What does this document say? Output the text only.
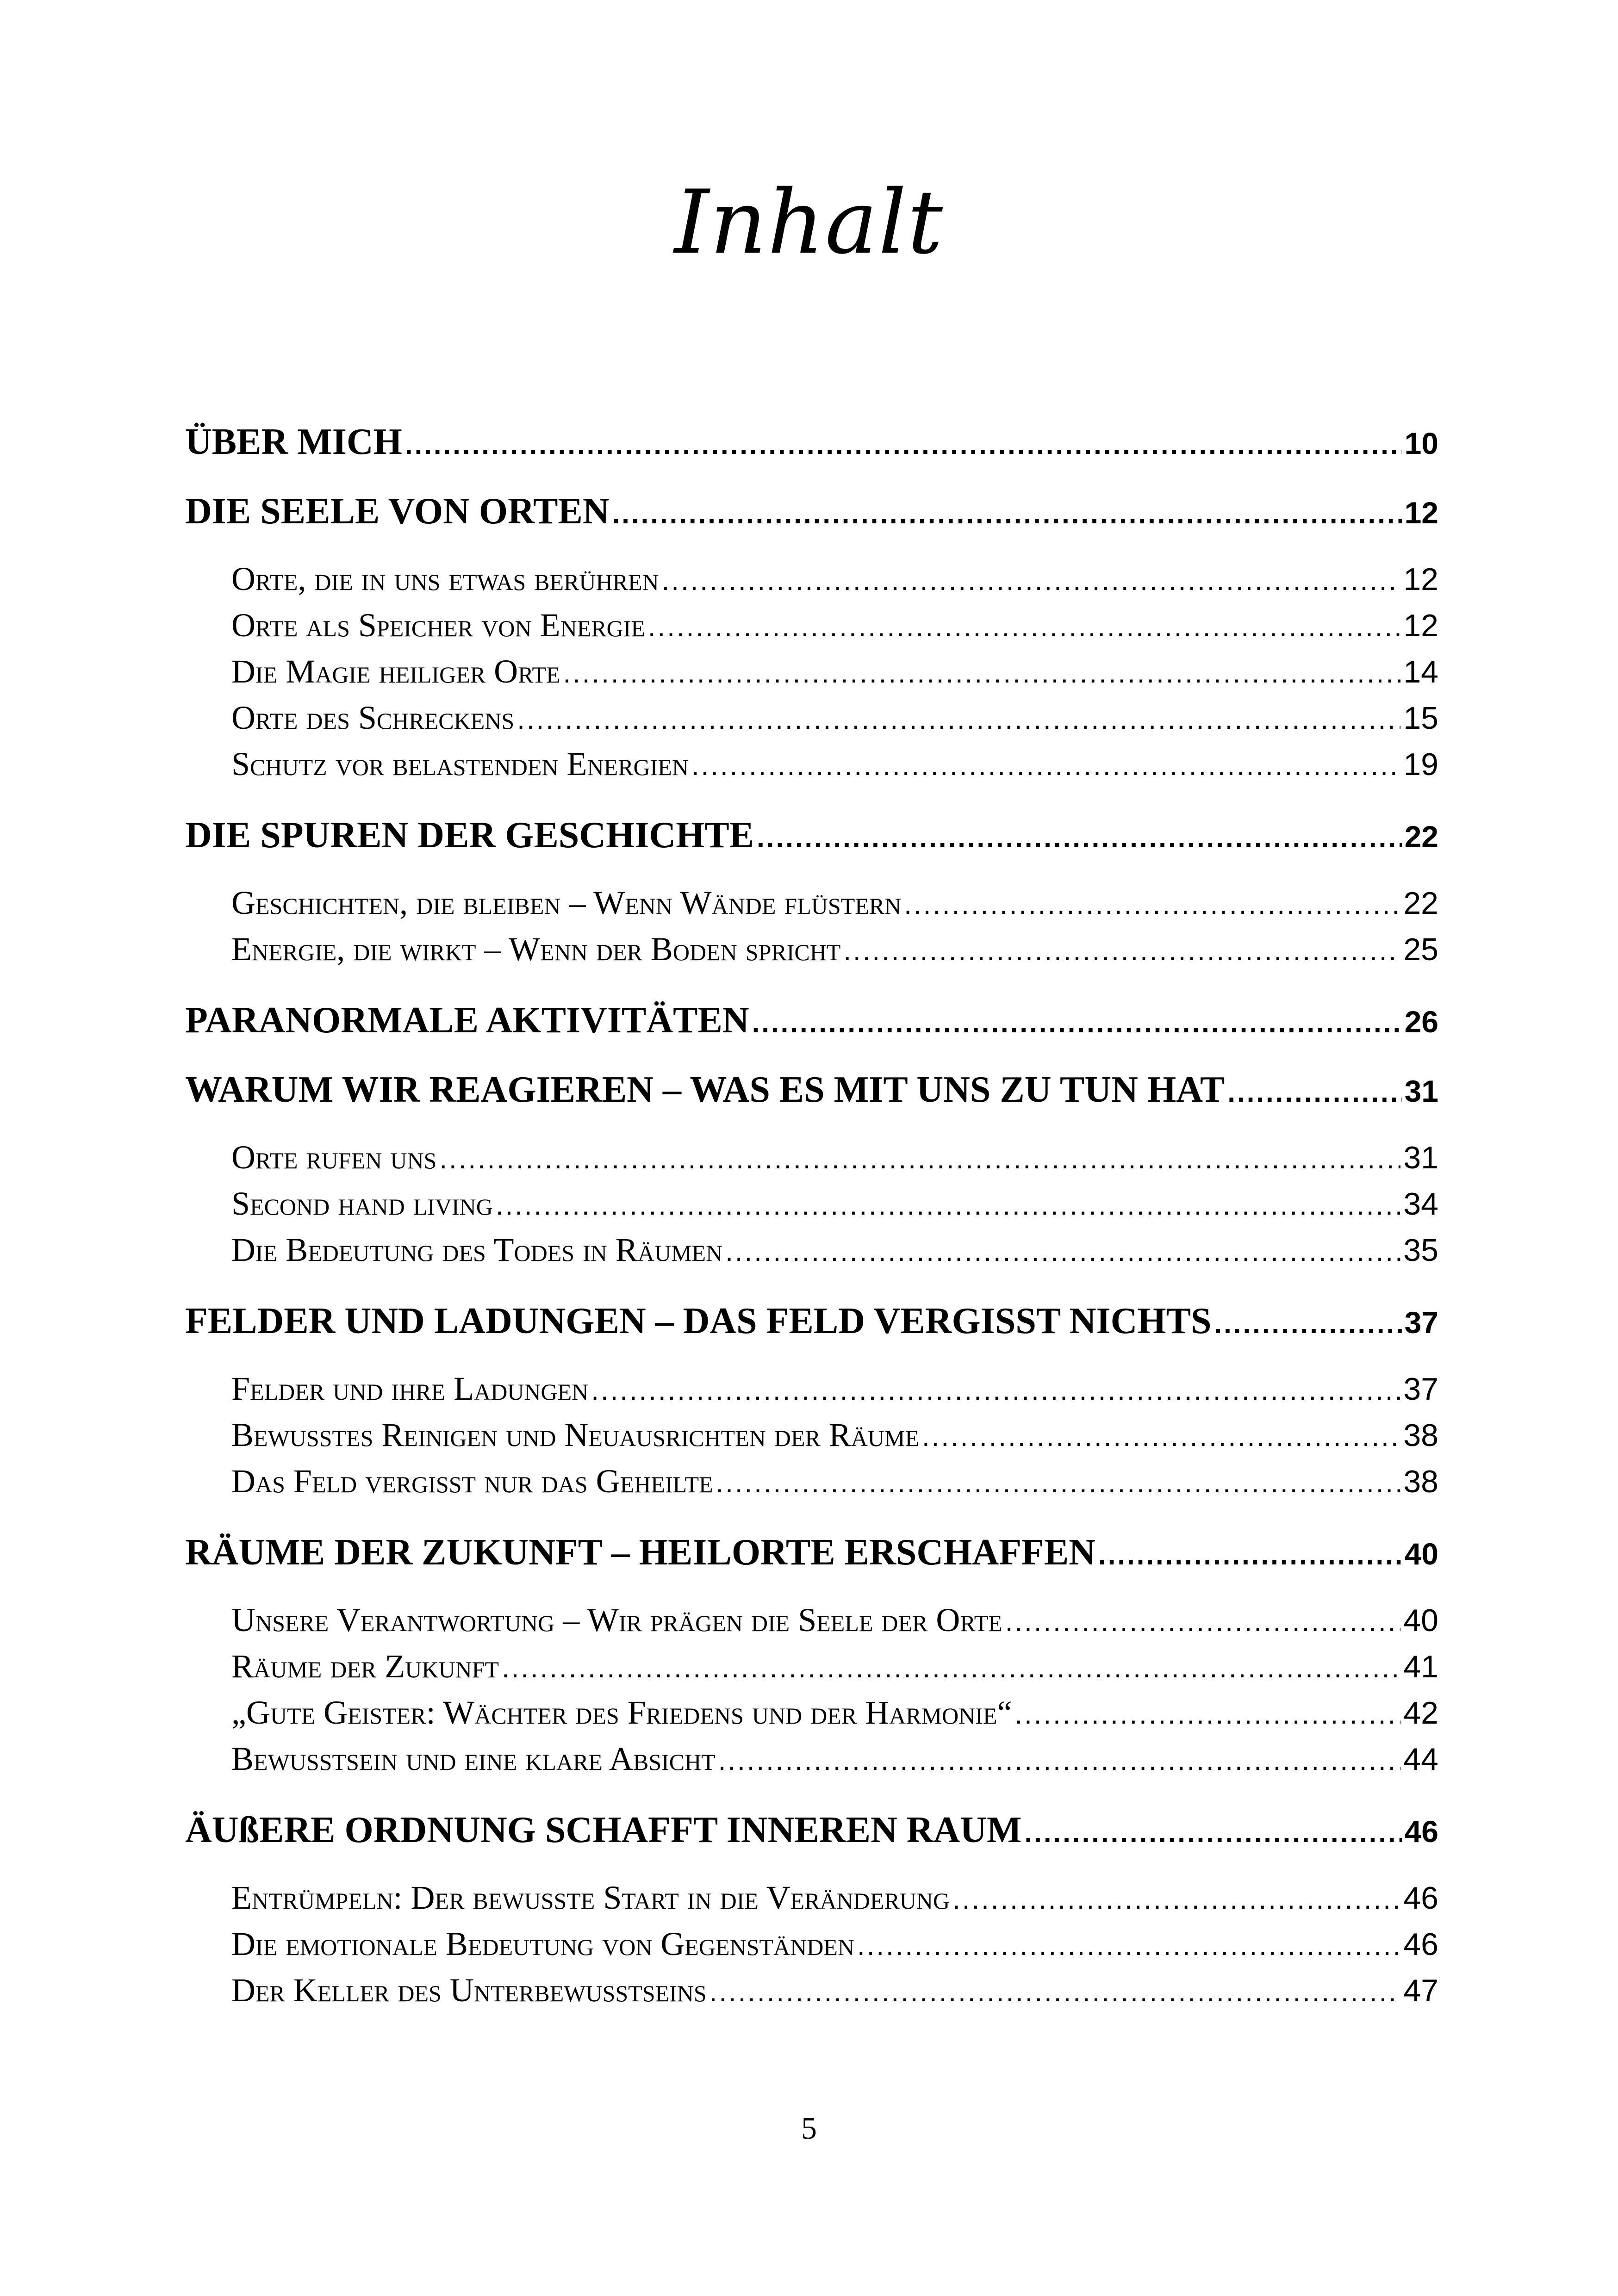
Inhalt
ÜBER MICH .....	10
DIE SEELE VON ORTEN .....	12
Orte, die in uns etwas berühren .....	12
Orte als Speicher von Energie .....	12
Die Magie heiliger Orte .....	14
Orte des Schreckens .....	15
Schutz vor belastenden Energien .....	19
DIE SPUREN DER GESCHICHTE .....	22
Geschichten, die bleiben – Wenn Wände flüstern .....	22
Energie, die wirkt – Wenn der Boden spricht .....	25
PARANORMALE AKTIVITÄTEN .....	26
WARUM WIR REAGIEREN – WAS ES MIT UNS ZU TUN HAT .....	31
Orte rufen uns .....	31
Second hand living .....	34
Die Bedeutung des Todes in Räumen .....	35
FELDER UND LADUNGEN – DAS FELD VERGISST NICHTS .....	37
Felder und ihre Ladungen .....	37
Bewusstes Reinigen und Neuausrichten der Räume .....	38
Das Feld vergisst nur das Geheilte .....	38
RÄUME DER ZUKUNFT – HEILORTE ERSCHAFFEN .....	40
Unsere Verantwortung – Wir prägen die Seele der Orte .....	40
Räume der Zukunft .....	41
„Gute Geister: Wächter des Friedens und der Harmonie“ .....	42
Bewusstsein und eine klare Absicht .....	44
ÄUßERE ORDNUNG SCHAFFT INNEREN RAUM .....	46
Entrümpeln: Der bewusste Start in die Veränderung .....	46
Die emotionale Bedeutung von Gegenständen .....	46
Der Keller des Unterbewusstseins .....	47
5
